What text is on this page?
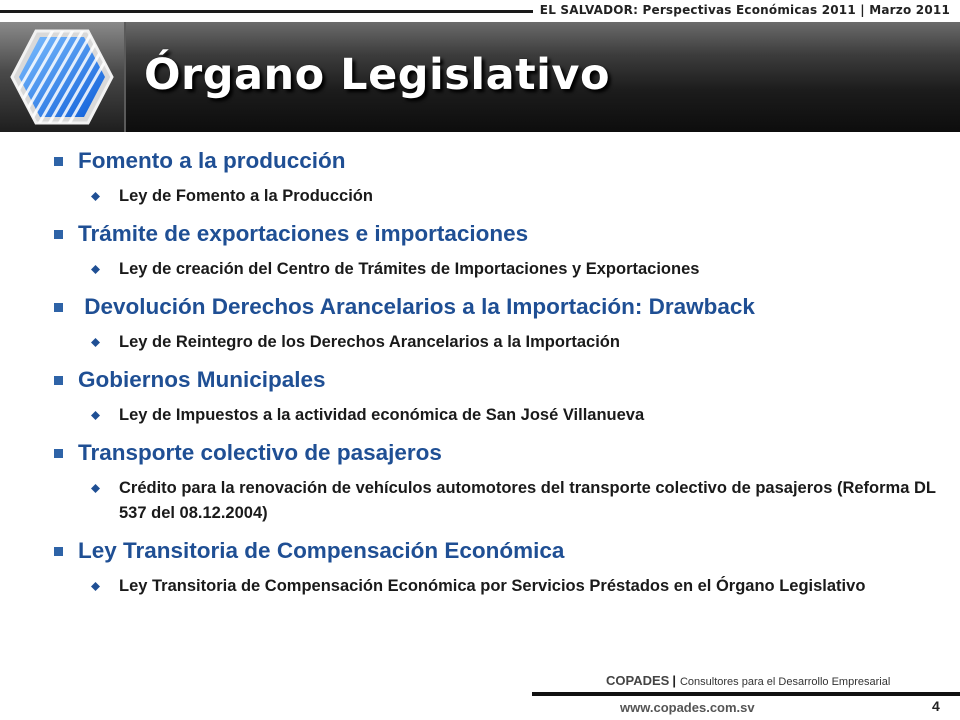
EL SALVADOR: Perspectivas Económicas 2011 | Marzo 2011
Órgano Legislativo
Fomento a la producción
Ley de Fomento a la Producción
Trámite de exportaciones e importaciones
Ley de creación del Centro de Trámites de Importaciones y Exportaciones
Devolución Derechos Arancelarios a la Importación: Drawback
Ley de Reintegro de los Derechos Arancelarios a la Importación
Gobiernos Municipales
Ley de Impuestos a la actividad económica de San José Villanueva
Transporte colectivo de pasajeros
Crédito para la renovación de vehículos automotores del transporte colectivo de pasajeros (Reforma DL 537 del 08.12.2004)
Ley Transitoria de Compensación Económica
Ley Transitoria de Compensación Económica por Servicios Préstados en el Órgano Legislativo
COPADES | Consultores para el Desarrollo Empresarial
www.copades.com.sv	4
